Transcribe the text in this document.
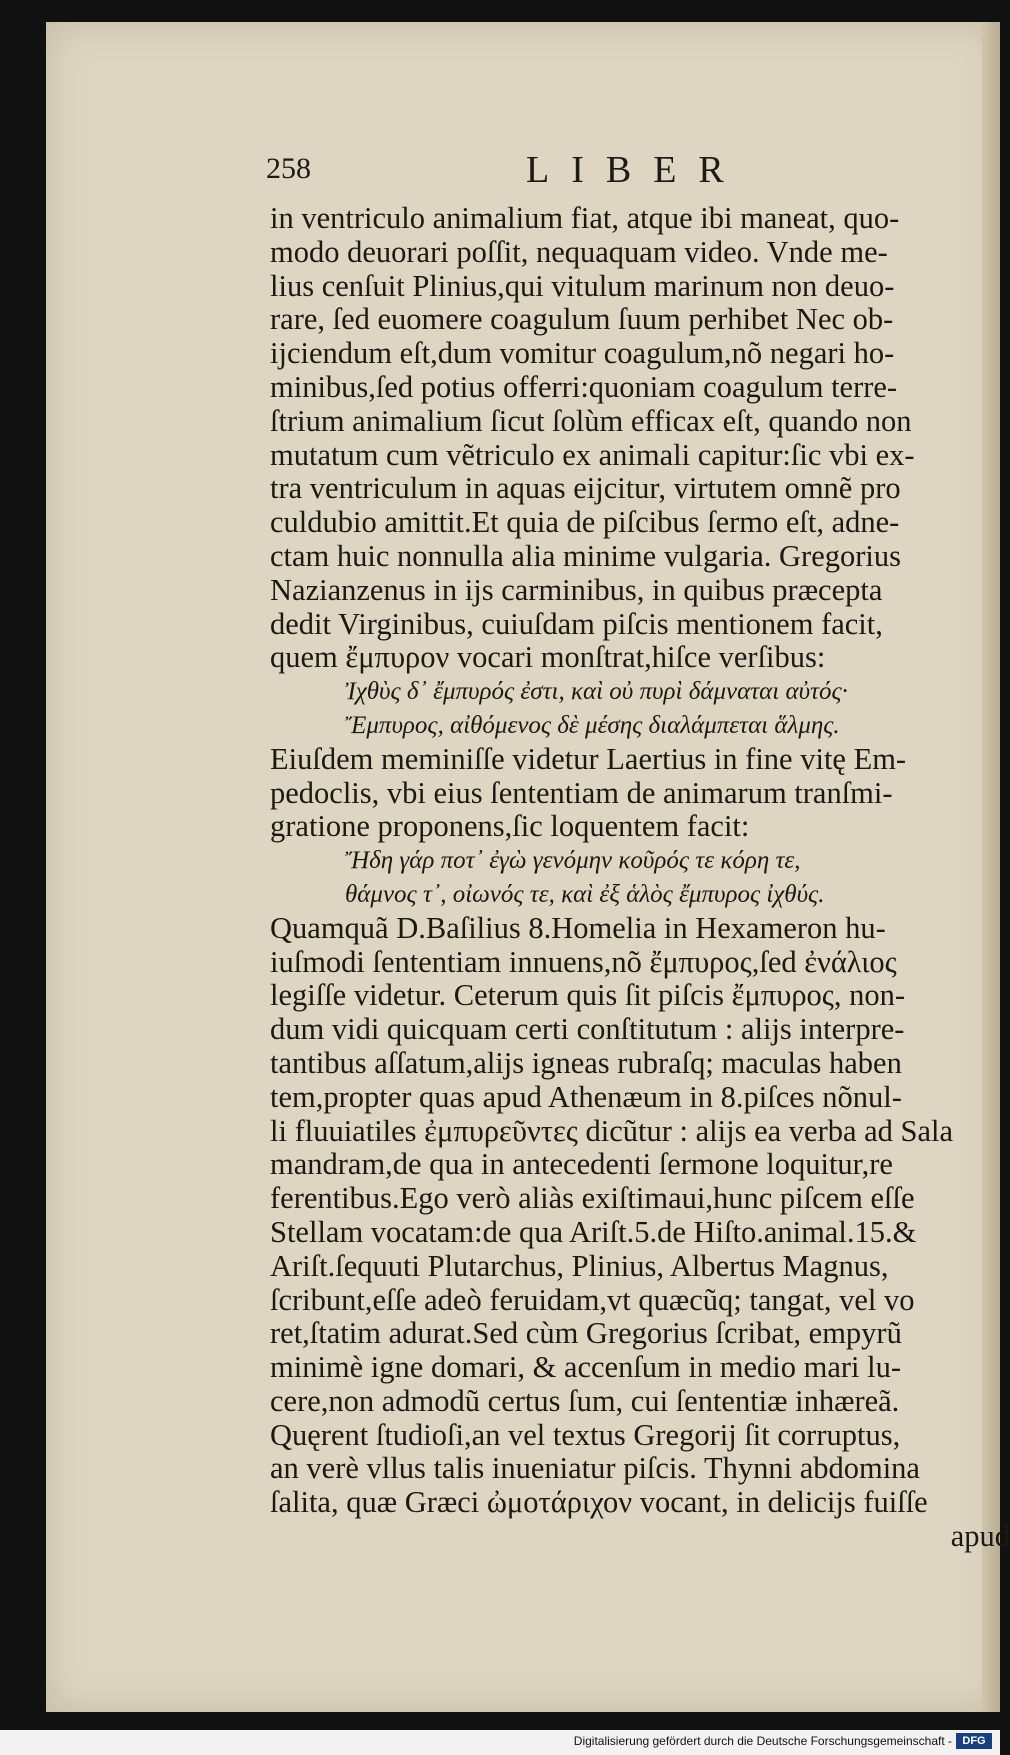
258	LIBER
in ventriculo animalium fiat, atque ibi maneat, quo-
modo deuorari poſſit, nequaquam video. Vnde me-
lius cenſuit Plinius,qui vitulum marinum non deuo-
rare, ſed euomere coagulum ſuum perhibet Nec ob-
ijciendum eſt,dum vomitur coagulum,nõ negari ho-
minibus,ſed potius offerri:quoniam coagulum terre-
ſtrium animalium ſicut ſolùm efficax eſt, quando non
mutatum cum vẽtriculo ex animali capitur:ſic vbi ex-
tra ventriculum in aquas eijcitur, virtutem omnẽ pro
culdubio amittit.Et quia de piſcibus ſermo eſt, adne-
ctam huic nonnulla alia minime vulgaria. Gregorius
Nazianzenus in ijs carminibus, in quibus præcepta
dedit Virginibus, cuiuſdam piſcis mentionem facit,
quem ἔμπυρον vocari monſtrat,hiſce verſibus:
Ἰχθὺς δ᾽ ἔμπυρός ἐστι, καὶ οὐ πυρὶ δάμναται αὐτός·
Ἔμπυρος, αἰθόμενος δὲ μέσης διαλάμπεται ἅλμης.
Eiuſdem meminiſſe videtur Laertius in fine vitę Em-
pedoclis, vbi eius ſententiam de animarum tranſmi-
gratione proponens,ſic loquentem facit:
Ἤδη γάρ ποτ᾽ ἐγὼ γενόμην κοῦρός τε κόρη τε,
θάμνος τ᾽, οἰωνός τε, καὶ ἐξ ἁλὸς ἔμπυρος ἰχθύς.
Quamquã D.Baſilius 8.Homelia in Hexameron hu-
iuſmodi ſententiam innuens,nõ ἔμπυρος,ſed ἐνάλιος
legiſſe videtur. Ceterum quis ſit piſcis ἔμπυρος, non-
dum vidi quicquam certi conſtitutum : alijs interpre-
tantibus aſſatum,alijs igneas rubraſq; maculas haben
tem,propter quas apud Athenæum in 8.piſces nõnul-
li fluuiatiles ἐμπυρεῦντες dicũtur : alijs ea verba ad Sala
mandram,de qua in antecedenti ſermone loquitur,re
ferentibus.Ego verò aliàs exiſtimaui,hunc piſcem eſſe
Stellam vocatam:de qua Ariſt.5.de Hiſto.animal.15.&
Ariſt.ſequuti Plutarchus, Plinius, Albertus Magnus,
ſcribunt,eſſe adeò feruidam,vt quæcũq; tangat, vel vo
ret,ſtatim adurat.Sed cùm Gregorius ſcribat, empyrũ
minimè igne domari, & accenſum in medio mari lu-
cere,non admodũ certus ſum, cui ſententiæ inhæreã.
Quęrent ſtudioſi,an vel textus Gregorij ſit corruptus,
an verè vllus talis inueniatur piſcis. Thynni abdomina
ſalita, quæ Græci ὠμοτάριχον vocant, in delicijs fuiſſe
apud
Digitalisierung gefördert durch die Deutsche Forschungsgemeinschaft - DFG
